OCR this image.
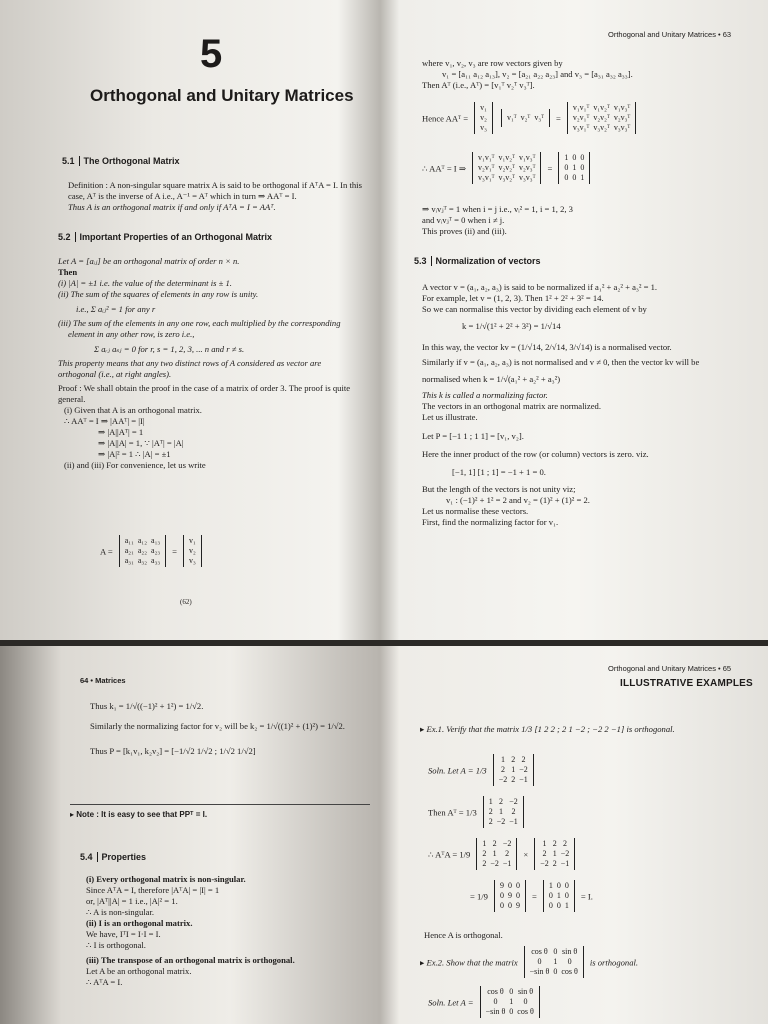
5
Orthogonal and Unitary Matrices
5.1 The Orthogonal Matrix

Definition : A non-singular square matrix A is said to be orthogonal if AᵀA = I. In this

case, Aᵀ is the inverse of A i.e., A⁻¹ = Aᵀ which in turn ⇒ AAᵀ = I.

Thus A is an orthogonal matrix if and only if AᵀA = I = AAᵀ.

5.2 Important Properties of an Orthogonal Matrix

Let A = [aᵢⱼ] be an orthogonal matrix of order n × n.

Then

(i) |A| = ±1 i.e. the value of the determinant is ± 1.

(ii) The sum of the squares of elements in any row is unity.

i.e., Σ aᵢⱼ² = 1 for any r

(iii) The sum of the elements in any one row, each multiplied by the corresponding

element in any other row, is zero i.e.,

Σ aᵣⱼ aₛⱼ = 0 for r, s = 1, 2, 3, ... n and r ≠ s.

This property means that any two distinct rows of A considered as vector are

orthogonal (i.e., at right angles).

Proof : We shall obtain the proof in the case of a matrix of order 3. The proof is quite

general.

(i) Given that A is an orthogonal matrix.

∴ AAᵀ = I ⇒ |AAᵀ| = |I|

⇒ |A||Aᵀ| = 1

⇒ |A||A| = 1, ∵ |Aᵀ| = |A|

⇒ |A|² = 1 ∴ |A| = ±1

(ii) and (iii) For convenience, let us write

A =
a₁₁
a₂₁
a₃₁
a₁₂
a₂₂
a₃₂
a₁₃
a₂₃
a₃₃
=
v₁
v₂
v₃
(62)
Orthogonal and Unitary Matrices • 63

where v₁, v₂, v₃ are row vectors given by

v₁ = [a₁₁ a₁₂ a₁₃], v₂ = [a₂₁ a₂₂ a₂₃] and v₃ = [a₃₁ a₃₂ a₃₃].

Then Aᵀ (i.e., Aᵀ) = [v₁ᵀ v₂ᵀ v₃ᵀ].

Hence AAᵀ =
v₁
v₂
v₃

v₁ᵀ v₂ᵀ v₃ᵀ =
v₁v₁ᵀ
v₂v₁ᵀ
v₃v₁ᵀ
v₁v₂ᵀ
v₂v₂ᵀ
v₃v₂ᵀ
v₁v₃ᵀ
v₂v₃ᵀ
v₃v₃ᵀ
∴ AAᵀ = I ⇒
v₁v₁ᵀ
v₂v₁ᵀ
v₃v₁ᵀ
v₁v₂ᵀ
v₂v₂ᵀ
v₃v₂ᵀ
v₁v₃ᵀ
v₂v₃ᵀ
v₃v₃ᵀ
=
1
0
0
0
1
0
0
0
1

⇒ vᵢvⱼᵀ = 1 when i = j i.e., vᵢ² = 1, i = 1, 2, 3

and vᵢvⱼᵀ = 0 when i ≠ j.

This proves (ii) and (iii).

5.3 Normalization of vectors

A vector v = (a₁, a₂, a₃) is said to be normalized if a₁² + a₂² + a₃² = 1.

For example, let v = (1, 2, 3). Then 1² + 2² + 3² = 14.

So we can normalise this vector by dividing each element of v by

k = 1/√(1² + 2² + 3²) = 1/√14

In this way, the vector kv = (1/√14, 2/√14, 3/√14) is a normalised vector.

Similarly if v = (a₁, a₂, a₃) is not normalised and v ≠ 0, then the vector kv will be

normalised when k = 1/√(a₁² + a₂² + a₃²)

This k is called a normalizing factor.

The vectors in an orthogonal matrix are normalized.

Let us illustrate.

Let P = [−1 1 ; 1 1] = [v₁, v₂].

Here the inner product of the row (or column) vectors is zero. viz.

[−1, 1] [1 ; 1] = −1 + 1 = 0.

But the length of the vectors is not unity viz;

v₁ : (−1)² + 1² = 2 and v₂ = (1)² + (1)² = 2.

Let us normalise these vectors.

First, find the normalizing factor for v₁.

64 • Matrices

Thus k₁ = 1/√((−1)² + 1²) = 1/√2.

Similarly the normalizing factor for v₂ will be k₂ = 1/√((1)² + (1)²) = 1/√2.

Thus P = [k₁v₁, k₂v₂] = [−1/√2 1/√2 ; 1/√2 1/√2]

▸ Note : It is easy to see that PPᵀ = I.

5.4 Properties

(i) Every orthogonal matrix is non-singular.

Since AᵀA = I, therefore |AᵀA| = |I| = 1

or, |Aᵀ||A| = 1 i.e., |A|² = 1.

∴ A is non-singular.

(ii) I is an orthogonal matrix.

We have, IᵀI = I·I = I.

∴ I is orthogonal.

(iii) The transpose of an orthogonal matrix is orthogonal.

Let A be an orthogonal matrix.

∴ AᵀA = I.

Orthogonal and Unitary Matrices • 65
ILLUSTRATIVE EXAMPLES

▸ Ex.1. Verify that the matrix 1/3 [1 2 2 ; 2 1 −2 ; −2 2 −1] is orthogonal.

Soln. Let A = 1/3
1
2
−2
2
1
2
2
−2
−1
Then Aᵀ = 1/3
1
2
2
2
1
−2
−2
2
−1
∴ AᵀA = 1/9
1
2
2
2
1
−2
−2
2
−1
×
1
2
−2
2
1
2
2
−2
−1
= 1/9
9
0
0
0
9
0
0
0
9
=
1
0
0
0
1
0
0
0
1
= I.

Hence A is orthogonal.

▸ Ex.2. Show that the matrix
cos θ
0
−sin θ
0
1
0
sin θ
0
cos θ
is orthogonal.
Soln. Let A =
cos θ
0
−sin θ
0
1
0
sin θ
0
cos θ
